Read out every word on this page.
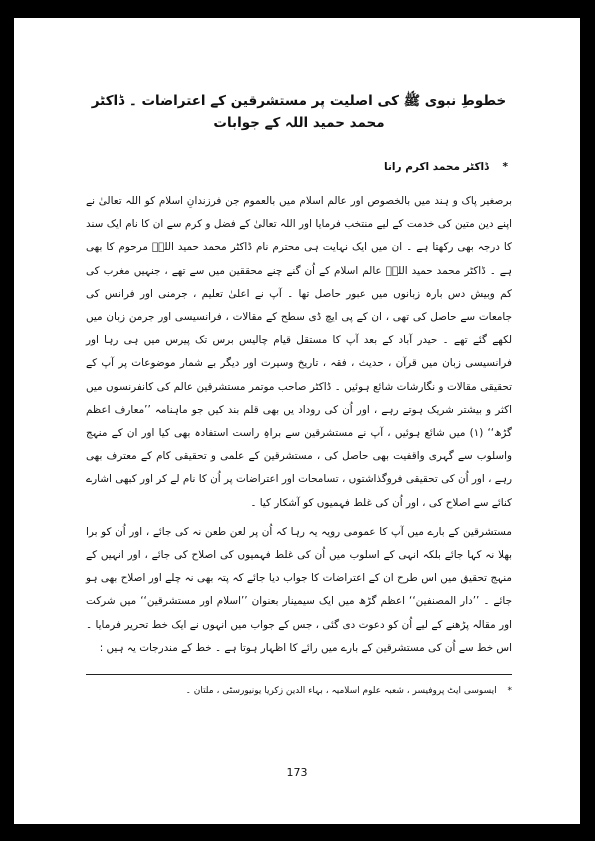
خطوطِ نبوی ﷺ کی اصلیت پر مستشرقین کے اعتراضات ۔ ڈاکٹر محمد حمید اللہ کے جوابات
* ڈاکٹر محمد اکرم رانا

برصغیر پاک و ہند میں بالخصوص اور عالم اسلام میں بالعموم جن فرزندانِ اسلام کو اللہ تعالیٰ نے اپنے دین متین کی خدمت کے لیے منتخب فرمایا اور اللہ تعالیٰ کے فضل و کرم سے ان کا نام ایک سند کا درجہ بھی رکھتا ہے ۔ ان میں ایک نہایت ہی محترم نام ڈاکٹر محمد حمید اللہؒ مرحوم کا بھی ہے ۔ ڈاکٹر محمد حمید اللہؒ عالم اسلام کے اُن گنے چنے محققین میں سے تھے ، جنہیں مغرب کی کم وبیش دس بارہ زبانوں میں عبور حاصل تھا ۔ آپ نے اعلیٰ تعلیم ، جرمنی اور فرانس کی جامعات سے حاصل کی تھی ، ان کے پی ایچ ڈی سطح کے مقالات ، فرانسیسی اور جرمن زبان میں لکھے گئے تھے ۔ حیدر آباد کے بعد آپ کا مستقل قیام چالیس برس تک پیرس میں ہی رہا اور فرانسیسی زبان میں قرآن ، حدیث ، فقہ ، تاریخ وسیرت اور دیگر بے شمار موضوعات پر آپ کے تحقیقی مقالات و نگارشات شائع ہوئیں ۔ ڈاکٹر صاحب موتمر مستشرقین عالم کی کانفرنسوں میں اکثر و بیشتر شریک ہوتے رہے ، اور اُن کی روداد یں بھی قلم بند کیں جو ماہنامہ ’’معارف اعظم گڑھ‘‘ (۱) میں شائع ہوئیں ، آپ نے مستشرقین سے براہِ راست استفادہ بھی کیا اور ان کے منہج واسلوب سے گہری واقفیت بھی حاصل کی ، مستشرقین کے علمی و تحقیقی کام کے معترف بھی رہے ، اور اُن کی تحقیقی فروگذاشتوں ، تسامحات اور اعتراضات پر اُن کا نام لے کر اور کبھی اشارے کنائے سے اصلاح کی ، اور اُن کی غلط فہمیوں کو آشکار کیا ۔

مستشرقین کے بارے میں آپ کا عمومی رویہ یہ رہا کہ اُن پر لعن طعن نہ کی جائے ، اور اُن کو برا بھلا نہ کہا جائے بلکہ انہی کے اسلوب میں اُن کی غلط فہمیوں کی اصلاح کی جائے ، اور انہیں کے منہج تحقیق میں اس طرح ان کے اعتراضات کا جواب دیا جائے کہ پتہ بھی نہ چلے اور اصلاح بھی ہو جائے ۔ ’’دار المصنفین‘‘ اعظم گڑھ میں ایک سیمینار بعنوان ’’اسلام اور مستشرقین‘‘ میں شرکت اور مقالہ پڑھنے کے لیے اُن کو دعوت دی گئی ، جس کے جواب میں انہوں نے ایک خط تحریر فرمایا ۔ اس خط سے اُن کی مستشرقین کے بارے میں رائے کا اظہار ہوتا ہے ۔ خط کے مندرجات یہ ہیں :

* ایسوسی ایٹ پروفیسر ، شعبہ علوم اسلامیہ ، بہاء الدین زکریا یونیورسٹی ، ملتان ۔
173
